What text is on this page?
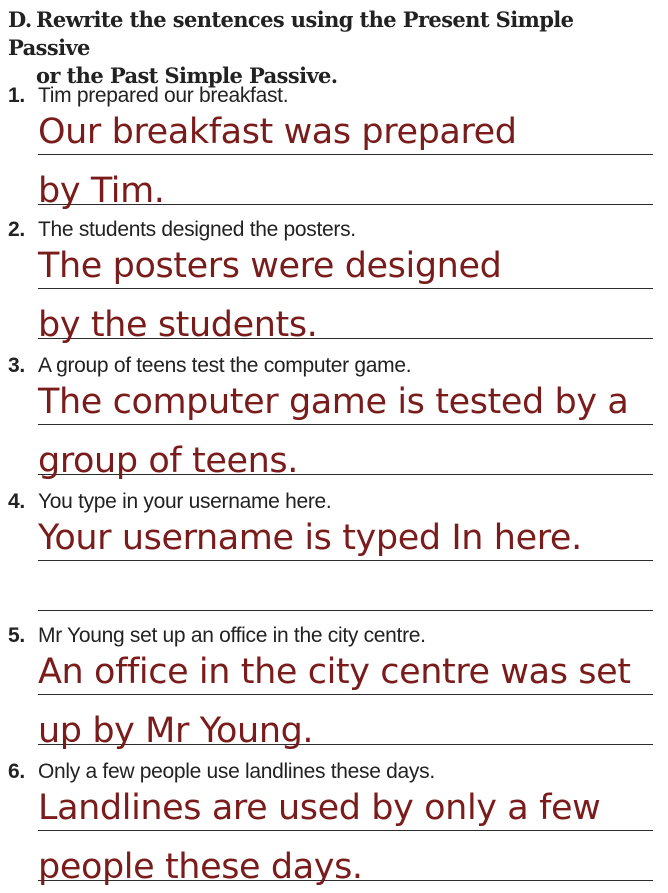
D. Rewrite the sentences using the Present Simple Passive
or the Past Simple Passive.
1. Tim prepared our breakfast.
Our breakfast was prepared
by Tim.
2. The students designed the posters.
The posters were designed
by the students.
3. A group of teens test the computer game.
The computer game is tested by a
group of teens.
4. You type in your username here.
Your username is typed In here.
5. Mr Young set up an office in the city centre.
An office in the city centre was set
up by Mr Young.
6. Only a few people use landlines these days.
Landlines are used by only a few
people these days.
